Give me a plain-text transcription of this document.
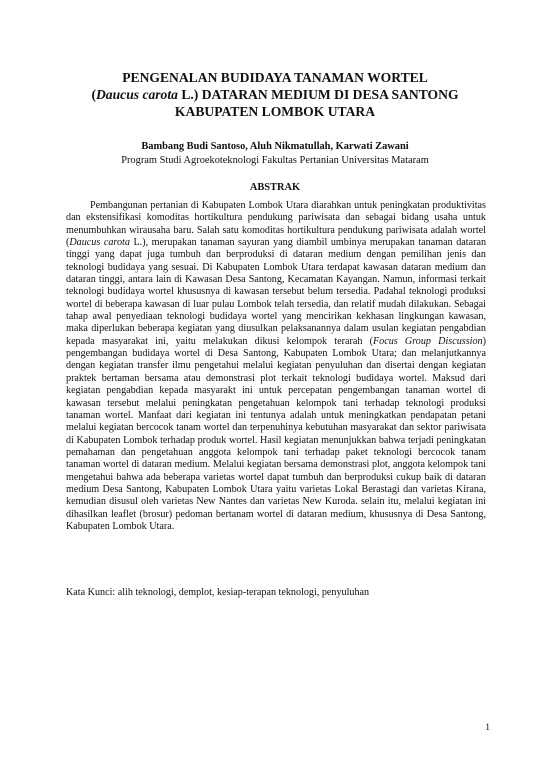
PENGENALAN BUDIDAYA TANAMAN WORTEL
(Daucus carota L.) DATARAN MEDIUM DI DESA SANTONG
KABUPATEN LOMBOK UTARA
Bambang Budi Santoso, Aluh Nikmatullah, Karwati Zawani
Program Studi Agroekoteknologi Fakultas Pertanian Universitas Mataram
ABSTRAK

Pembangunan pertanian di Kabupaten Lombok Utara diarahkan untuk peningkatan produktivitas dan ekstensifikasi komoditas hortikultura pendukung pariwisata dan sebagai bidang usaha untuk menumbuhkan wirausaha baru. Salah satu komoditas hortikultura pendukung pariwisata adalah wortel (Daucus carota L.), merupakan tanaman sayuran yang diambil umbinya merupakan tanaman dataran tinggi yang dapat juga tumbuh dan berproduksi di dataran medium dengan pemilihan jenis dan teknologi budidaya yang sesuai. Di Kabupaten Lombok Utara terdapat kawasan dataran medium dan dataran tinggi, antara lain di Kawasan Desa Santong, Kecamatan Kayangan. Namun, informasi terkait teknologi budidaya wortel khususnya di kawasan tersebut belum tersedia. Padahal teknologi produksi wortel di beberapa kawasan di luar pulau Lombok telah tersedia, dan relatif mudah dilakukan. Sebagai tahap awal penyediaan teknologi budidaya wortel yang mencirikan kekhasan lingkungan kawasan, maka diperlukan beberapa kegiatan yang diusulkan pelaksanannya dalam usulan kegiatan pengabdian kepada masyarakat ini, yaitu melakukan dikusi kelompok terarah (Focus Group Discussion) pengembangan budidaya wortel di Desa Santong, Kabupaten Lombok Utara; dan melanjutkannya dengan kegiatan transfer ilmu pengetahui melalui kegiatan penyuluhan dan disertai dengan kegiatan praktek bertaman bersama atau demonstrasi plot terkait teknologi budidaya wortel. Maksud dari kegiatan pengabdian kepada masyarakt ini untuk percepatan pengembangan tanaman wortel di kawasan tersebut melalui peningkatan pengetahuan kelompok tani terhadap teknologi produksi tanaman wortel. Manfaat dari kegiatan ini tentunya adalah untuk meningkatkan pendapatan petani melalui kegiatan bercocok tanam wortel dan terpenuhinya kebutuhan masyarakat dan sektor pariwisata di Kabupaten Lombok terhadap produk wortel. Hasil kegiatan menunjukkan bahwa terjadi peningkatan pemahaman dan pengetahuan anggota kelompok tani terhadap paket teknologi bercocok tanam tanaman wortel di dataran medium. Melalui kegiatan bersama demonstrasi plot, anggota kelompok tani mengetahui bahwa ada beberapa varietas wortel dapat tumbuh dan berproduksi cukup baik di dataran medium Desa Santong, Kabupaten Lombok Utara yaitu varietas Lokal Berastagi dan varietas Kirana, kemudian disusul oleh varietas New Nantes dan varietas New Kuroda. selain itu, melalui kegiatan ini dihasilkan leaflet (brosur) pedoman bertanam wortel di dataran medium, khususnya di Desa Santong, Kabupaten Lombok Utara.

Kata Kunci: alih teknologi, demplot, kesiap-terapan teknologi, penyuluhan

1
